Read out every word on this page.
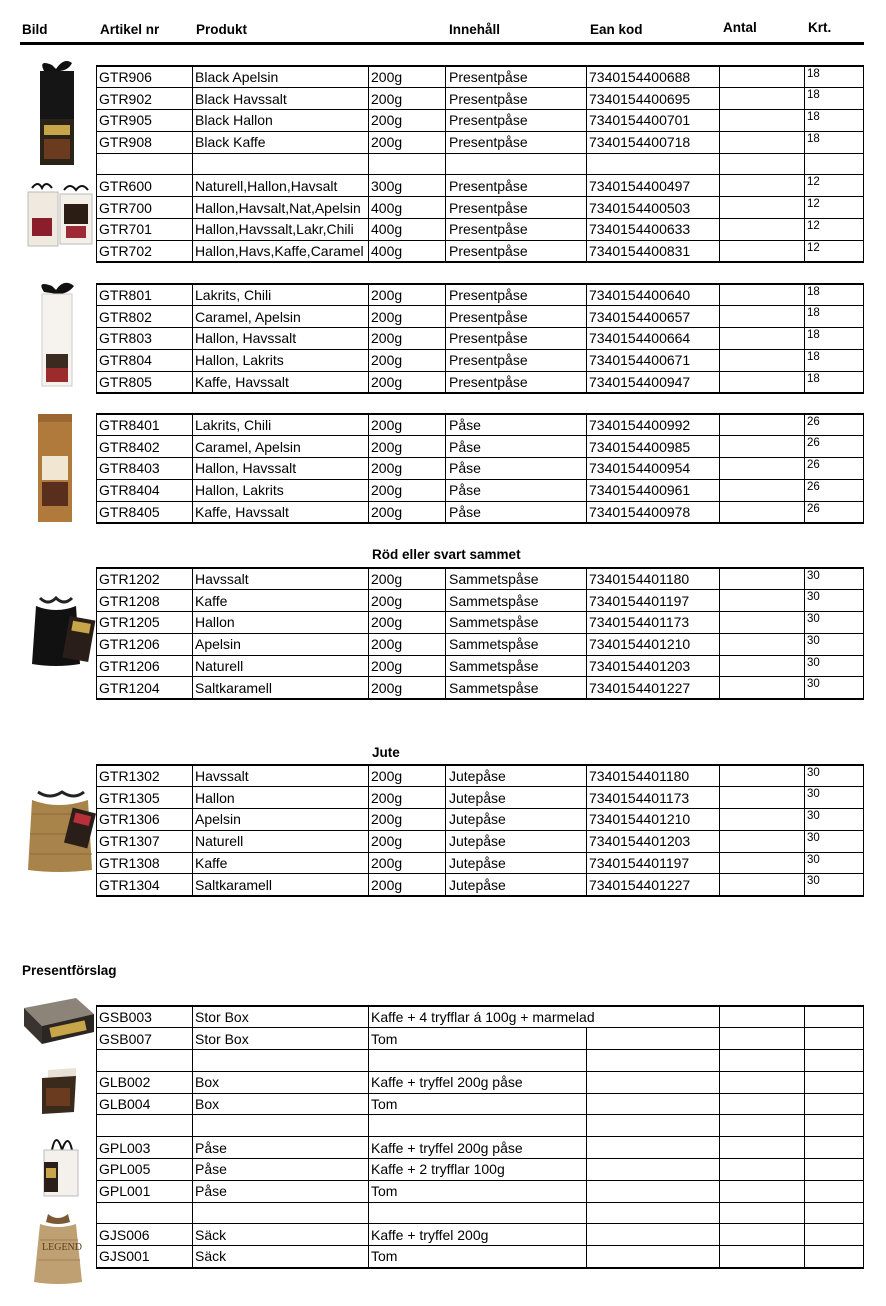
Bild	Artikel nr	Produkt	Innehåll	Ean kod	Antal	Krt.
LEGEND
GTR906	Black Apelsin	200g	Presentpåse	7340154400688		18
GTR902	Black Havssalt	200g	Presentpåse	7340154400695		18
GTR905	Black Hallon	200g	Presentpåse	7340154400701		18
GTR908	Black Kaffe	200g	Presentpåse	7340154400718		18

GTR600	Naturell,Hallon,Havsalt	300g	Presentpåse	7340154400497		12
GTR700	Hallon,Havsalt,Nat,Apelsin	400g	Presentpåse	7340154400503		12
GTR701	Hallon,Havssalt,Lakr,Chili	400g	Presentpåse	7340154400633		12
GTR702	Hallon,Havs,Kaffe,Caramel	400g	Presentpåse	7340154400831		12
GTR801	Lakrits, Chili	200g	Presentpåse	7340154400640		18
GTR802	Caramel, Apelsin	200g	Presentpåse	7340154400657		18
GTR803	Hallon, Havssalt	200g	Presentpåse	7340154400664		18
GTR804	Hallon, Lakrits	200g	Presentpåse	7340154400671		18
GTR805	Kaffe, Havssalt	200g	Presentpåse	7340154400947		18
GTR8401	Lakrits, Chili	200g	Påse	7340154400992		26
GTR8402	Caramel, Apelsin	200g	Påse	7340154400985		26
GTR8403	Hallon, Havssalt	200g	Påse	7340154400954		26
GTR8404	Hallon, Lakrits	200g	Påse	7340154400961		26
GTR8405	Kaffe, Havssalt	200g	Påse	7340154400978		26
Röd eller svart sammet
GTR1202	Havssalt	200g	Sammetspåse	7340154401180		30
GTR1208	Kaffe	200g	Sammetspåse	7340154401197		30
GTR1205	Hallon	200g	Sammetspåse	7340154401173		30
GTR1206	Apelsin	200g	Sammetspåse	7340154401210		30
GTR1206	Naturell	200g	Sammetspåse	7340154401203		30
GTR1204	Saltkaramell	200g	Sammetspåse	7340154401227		30
Jute
GTR1302	Havssalt	200g	Jutepåse	7340154401180		30
GTR1305	Hallon	200g	Jutepåse	7340154401173		30
GTR1306	Apelsin	200g	Jutepåse	7340154401210		30
GTR1307	Naturell	200g	Jutepåse	7340154401203		30
GTR1308	Kaffe	200g	Jutepåse	7340154401197		30
GTR1304	Saltkaramell	200g	Jutepåse	7340154401227		30
Presentförslag
GSB003	Stor Box	Kaffe + 4 tryfflar á 100g + marmelad			
GSB007	Stor Box	Tom			

GLB002	Box	Kaffe + tryffel 200g påse			
GLB004	Box	Tom			

GPL003	Påse	Kaffe + tryffel 200g påse			
GPL005	Påse	Kaffe + 2 tryfflar 100g			
GPL001	Påse	Tom			

GJS006	Säck	Kaffe + tryffel 200g			
GJS001	Säck	Tom			
